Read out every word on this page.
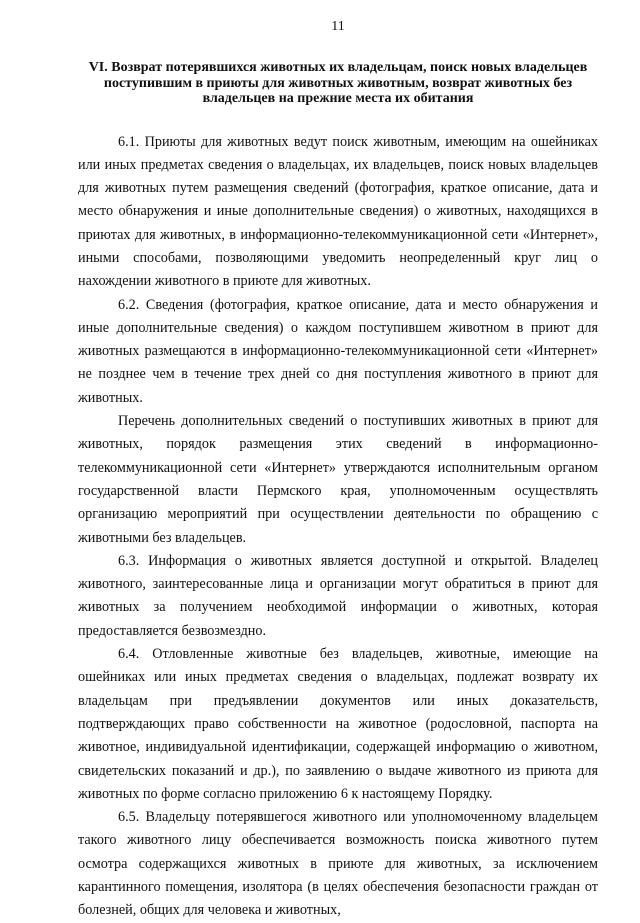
11
VI. Возврат потерявшихся животных их владельцам, поиск новых владельцев поступившим в приюты для животных животным, возврат животных без владельцев на прежние места их обитания

6.1. Приюты для животных ведут поиск животным, имеющим на ошейниках или иных предметах сведения о владельцах, их владельцев, поиск новых владельцев для животных путем размещения сведений (фотография, краткое описание, дата и место обнаружения и иные дополнительные сведения) о животных, находящихся в приютах для животных, в информационно-телекоммуникационной сети «Интернет», иными способами, позволяющими уведомить неопределенный круг лиц о нахождении животного в приюте для животных.

6.2. Сведения (фотография, краткое описание, дата и место обнаружения и иные дополнительные сведения) о каждом поступившем животном в приют для животных размещаются в информационно-телекоммуникационной сети «Интернет» не позднее чем в течение трех дней со дня поступления животного в приют для животных.

Перечень дополнительных сведений о поступивших животных в приют для животных, порядок размещения этих сведений в информационно-телекоммуникационной сети «Интернет» утверждаются исполнительным органом государственной власти Пермского края, уполномоченным осуществлять организацию мероприятий при осуществлении деятельности по обращению с животными без владельцев.

6.3. Информация о животных является доступной и открытой. Владелец животного, заинтересованные лица и организации могут обратиться в приют для животных за получением необходимой информации о животных, которая предоставляется безвозмездно.

6.4. Отловленные животные без владельцев, животные, имеющие на ошейниках или иных предметах сведения о владельцах, подлежат возврату их владельцам при предъявлении документов или иных доказательств, подтверждающих право собственности на животное (родословной, паспорта на животное, индивидуальной идентификации, содержащей информацию о животном, свидетельских показаний и др.), по заявлению о выдаче животного из приюта для животных по форме согласно приложению 6 к настоящему Порядку.

6.5. Владельцу потерявшегося животного или уполномоченному владельцем такого животного лицу обеспечивается возможность поиска животного путем осмотра содержащихся животных в приюте для животных, за исключением карантинного помещения, изолятора (в целях обеспечения безопасности граждан от болезней, общих для человека и животных,
